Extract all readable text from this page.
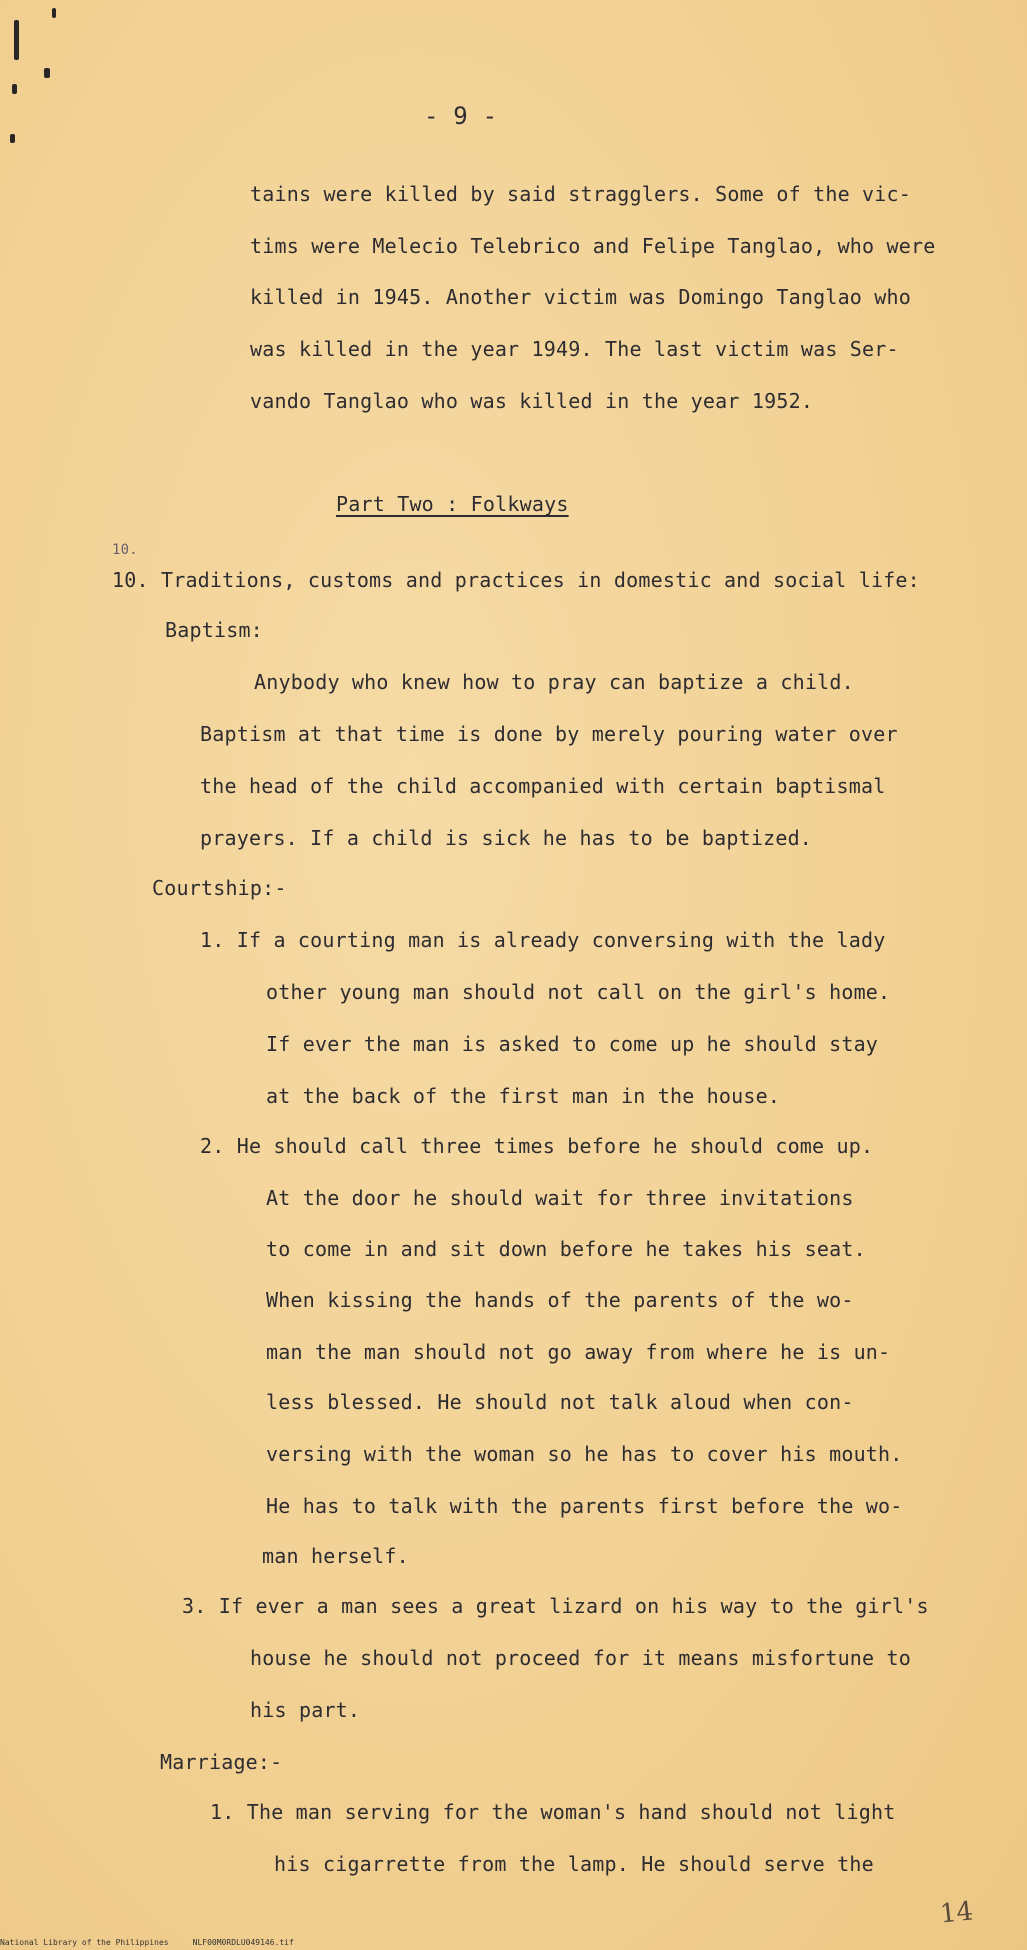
- 9 -
tains were killed by said stragglers. Some of the vic-
tims were Melecio Telebrico and Felipe Tanglao, who were
killed in 1945. Another victim was Domingo Tanglao who
was killed in the year 1949. The last victim was Ser-
vando Tanglao who was killed in the year 1952.
Part Two : Folkways
10.
10. Traditions, customs and practices in domestic and social life:
Baptism:
Anybody who knew how to pray can baptize a child.
Baptism at that time is done by merely pouring water over
the head of the child accompanied with certain baptismal
prayers. If a child is sick he has to be baptized.
Courtship:-
1. If a courting man is already conversing with the lady
other young man should not call on the girl's home.
If ever the man is asked to come up he should stay
at the back of the first man in the house.
2. He should call three times before he should come up.
At the door he should wait for three invitations
to come in and sit down before he takes his seat.
When kissing the hands of the parents of the wo-
man the man should not go away from where he is un-
less blessed. He should not talk aloud when con-
versing with the woman so he has to cover his mouth.
He has to talk with the parents first before the wo-
man herself.
3. If ever a man sees a great lizard on his way to the girl's
house he should not proceed for it means misfortune to
his part.
Marriage:-
1. The man serving for the woman's hand should not light
his cigarrette from the lamp. He should serve the
14
National Library of the Philippines     NLF00M0RDLU049146.tif
